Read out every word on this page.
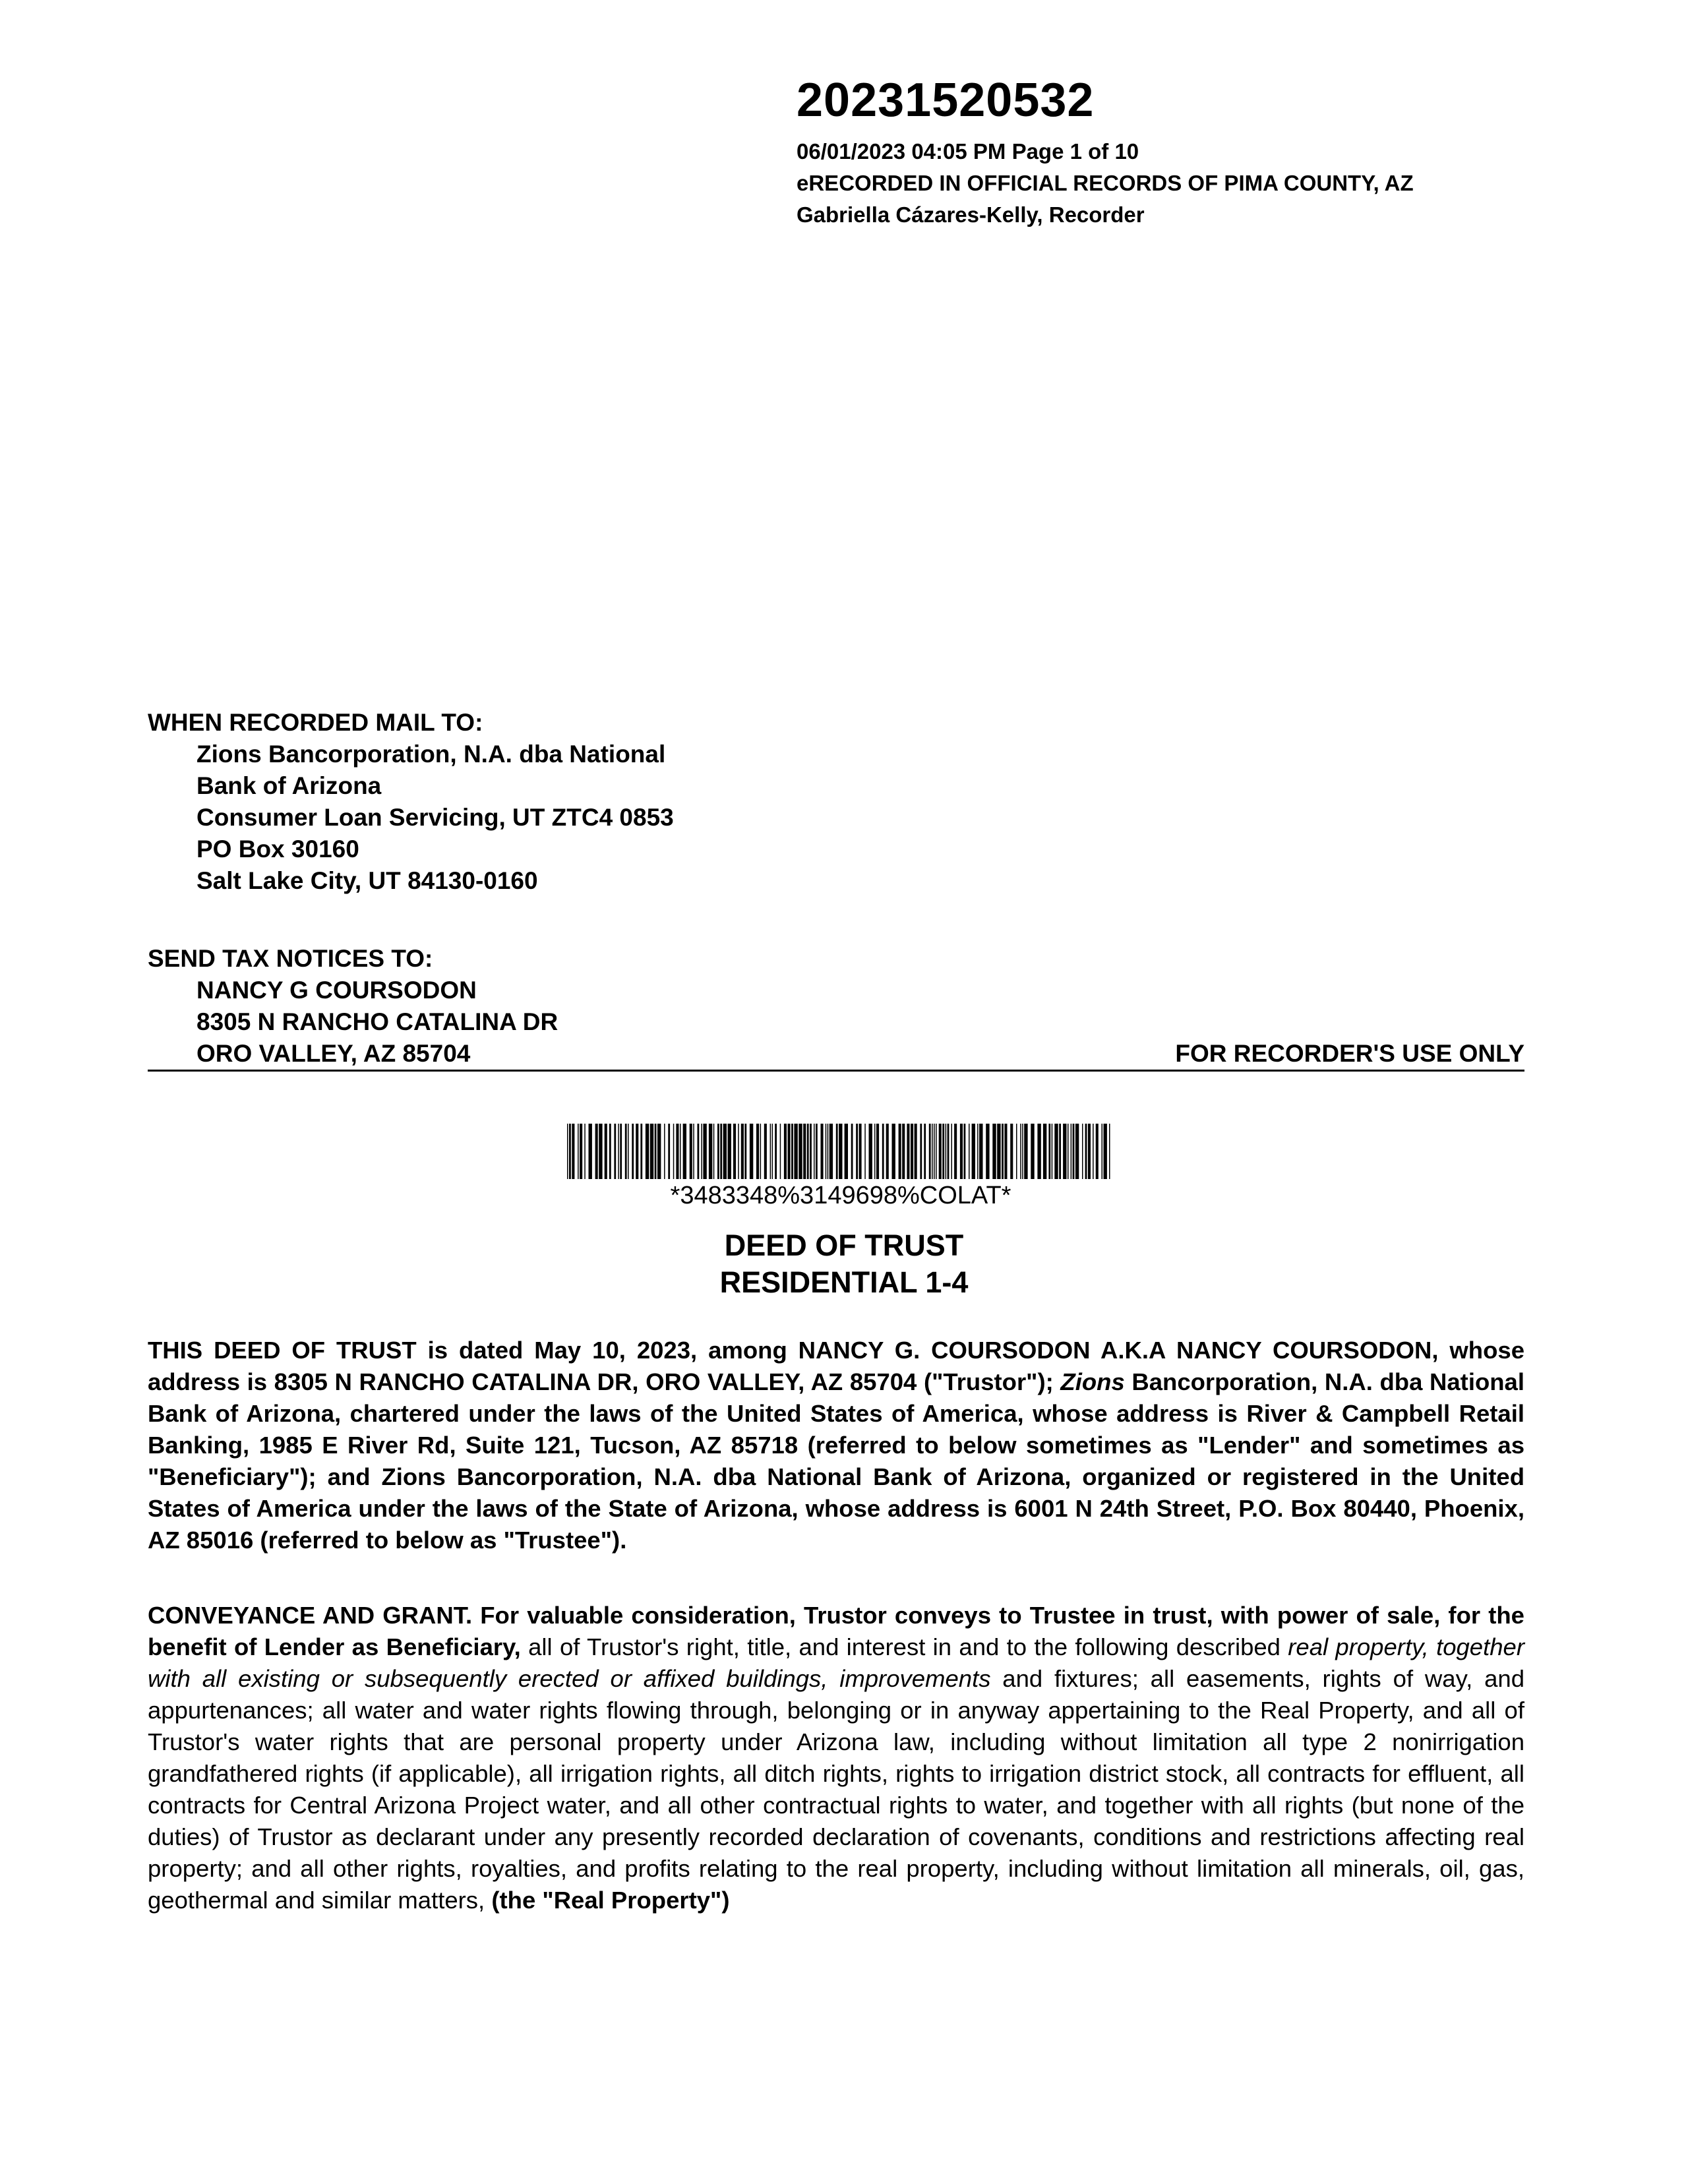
20231520532
06/01/2023 04:05 PM Page 1 of 10
eRECORDED IN OFFICIAL RECORDS OF PIMA COUNTY, AZ
Gabriella Cázares-Kelly, Recorder
WHEN RECORDED MAIL TO:
Zions Bancorporation, N.A. dba National
Bank of Arizona
Consumer Loan Servicing, UT ZTC4 0853
PO Box 30160
Salt Lake City, UT 84130-0160
SEND TAX NOTICES TO:
NANCY G COURSODON
8305 N RANCHO CATALINA DR
ORO VALLEY, AZ 85704	FOR RECORDER'S USE ONLY
*3483348%3149698%COLAT*
DEED OF TRUST
RESIDENTIAL 1-4
THIS DEED OF TRUST is dated May 10, 2023, among NANCY G. COURSODON A.K.A NANCY COURSODON, whose address is 8305 N RANCHO CATALINA DR, ORO VALLEY, AZ 85704 ("Trustor"); Zions Bancorporation, N.A. dba National Bank of Arizona, chartered under the laws of the United States of America, whose address is River & Campbell Retail Banking, 1985 E River Rd, Suite 121, Tucson, AZ 85718 (referred to below sometimes as "Lender" and sometimes as "Beneficiary"); and Zions Bancorporation, N.A. dba National Bank of Arizona, organized or registered in the United States of America under the laws of the State of Arizona, whose address is 6001 N 24th Street, P.O. Box 80440, Phoenix, AZ 85016 (referred to below as "Trustee").
CONVEYANCE AND GRANT. For valuable consideration, Trustor conveys to Trustee in trust, with power of sale, for the benefit of Lender as Beneficiary, all of Trustor's right, title, and interest in and to the following described real property, together with all existing or subsequently erected or affixed buildings, improvements and fixtures; all easements, rights of way, and appurtenances; all water and water rights flowing through, belonging or in anyway appertaining to the Real Property, and all of Trustor's water rights that are personal property under Arizona law, including without limitation all type 2 nonirrigation grandfathered rights (if applicable), all irrigation rights, all ditch rights, rights to irrigation district stock, all contracts for effluent, all contracts for Central Arizona Project water, and all other contractual rights to water, and together with all rights (but none of the duties) of Trustor as declarant under any presently recorded declaration of covenants, conditions and restrictions affecting real property; and all other rights, royalties, and profits relating to the real property, including without limitation all minerals, oil, gas, geothermal and similar matters, (the "Real Property")
